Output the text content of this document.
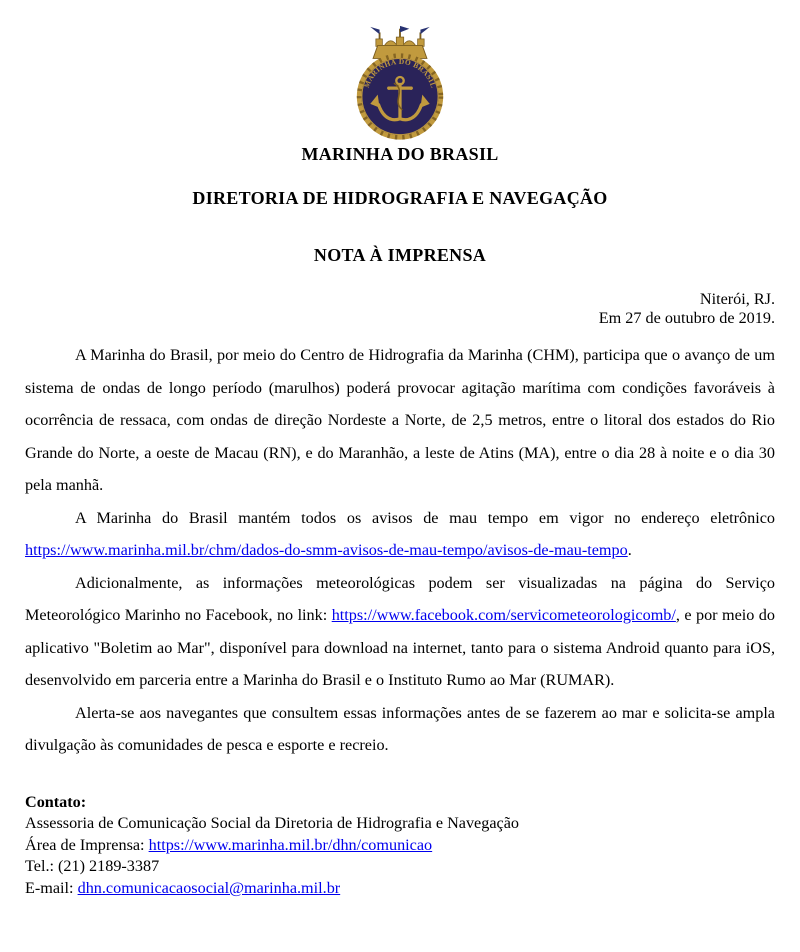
MARINHA DO BRASIL
MARINHA DO BRASIL
DIRETORIA DE HIDROGRAFIA E NAVEGAÇÃO
NOTA À IMPRENSA
Niterói, RJ.
Em 27 de outubro de 2019.

A Marinha do Brasil, por meio do Centro de Hidrografia da Marinha (CHM), participa que o avanço de um sistema de ondas de longo período (marulhos) poderá provocar agitação marítima com condições favoráveis à ocorrência de ressaca, com ondas de direção Nordeste a Norte, de 2,5 metros, entre o litoral dos estados do Rio Grande do Norte, a oeste de Macau (RN), e do Maranhão, a leste de Atins (MA), entre o dia 28 à noite e o dia 30 pela manhã.

A Marinha do Brasil mantém todos os avisos de mau tempo em vigor no endereço eletrônico https://www.marinha.mil.br/chm/dados-do-smm-avisos-de-mau-tempo/avisos-de-mau-tempo.

Adicionalmente, as informações meteorológicas podem ser visualizadas na página do Serviço Meteorológico Marinho no Facebook, no link: https://www.facebook.com/servicometeorologicomb/, e por meio do aplicativo "Boletim ao Mar", disponível para download na internet, tanto para o sistema Android quanto para iOS, desenvolvido em parceria entre a Marinha do Brasil e o Instituto Rumo ao Mar (RUMAR).

Alerta-se aos navegantes que consultem essas informações antes de se fazerem ao mar e solicita-se ampla divulgação às comunidades de pesca e esporte e recreio.

Contato:
Assessoria de Comunicação Social da Diretoria de Hidrografia e Navegação
Área de Imprensa: https://www.marinha.mil.br/dhn/comunicao
Tel.: (21) 2189-3387
E-mail: dhn.comunicacaosocial@marinha.mil.br
